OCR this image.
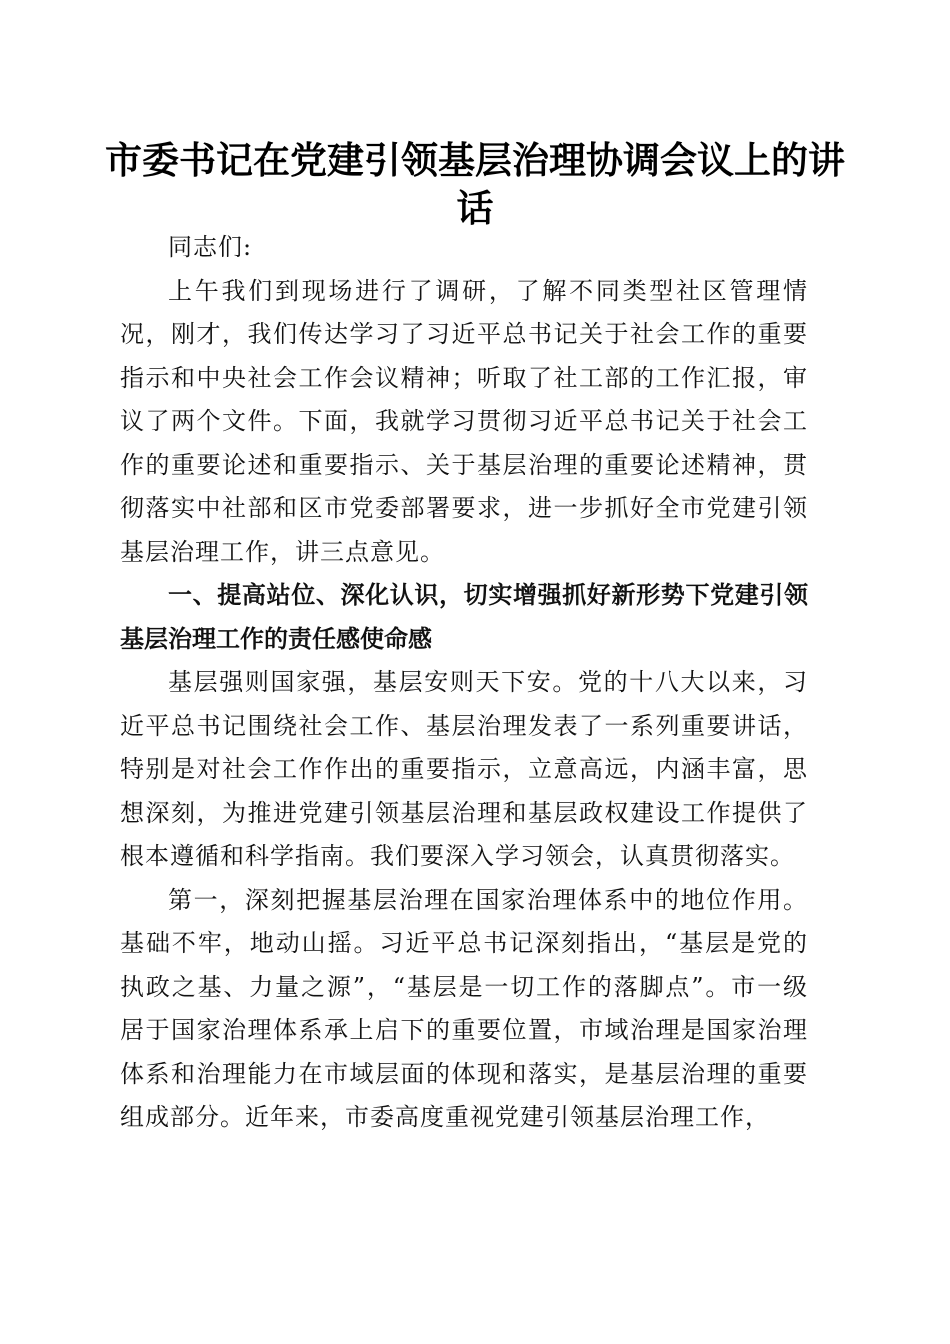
市委书记在党建引领基层治理协调会议上的讲话

同志们:

上午我们到现场进行了调研，了解不同类型社区管理情况，刚才，我们传达学习了习近平总书记关于社会工作的重要指示和中央社会工作会议精神；听取了社工部的工作汇报，审议了两个文件。下面，我就学习贯彻习近平总书记关于社会工作的重要论述和重要指示、关于基层治理的重要论述精神，贯彻落实中社部和区市党委部署要求，进一步抓好全市党建引领基层治理工作，讲三点意见。

一、提高站位、深化认识，切实增强抓好新形势下党建引领基层治理工作的责任感使命感

基层强则国家强，基层安则天下安。党的十八大以来，习近平总书记围绕社会工作、基层治理发表了一系列重要讲话，特别是对社会工作作出的重要指示，立意高远，内涵丰富，思想深刻，为推进党建引领基层治理和基层政权建设工作提供了根本遵循和科学指南。我们要深入学习领会，认真贯彻落实。

第一，深刻把握基层治理在国家治理体系中的地位作用。基础不牢，地动山摇。习近平总书记深刻指出，“基层是党的执政之基、力量之源”，“基层是一切工作的落脚点”。市一级居于国家治理体系承上启下的重要位置，市域治理是国家治理体系和治理能力在市域层面的体现和落实，是基层治理的重要组成部分。近年来，市委高度重视党建引领基层治理工作，
